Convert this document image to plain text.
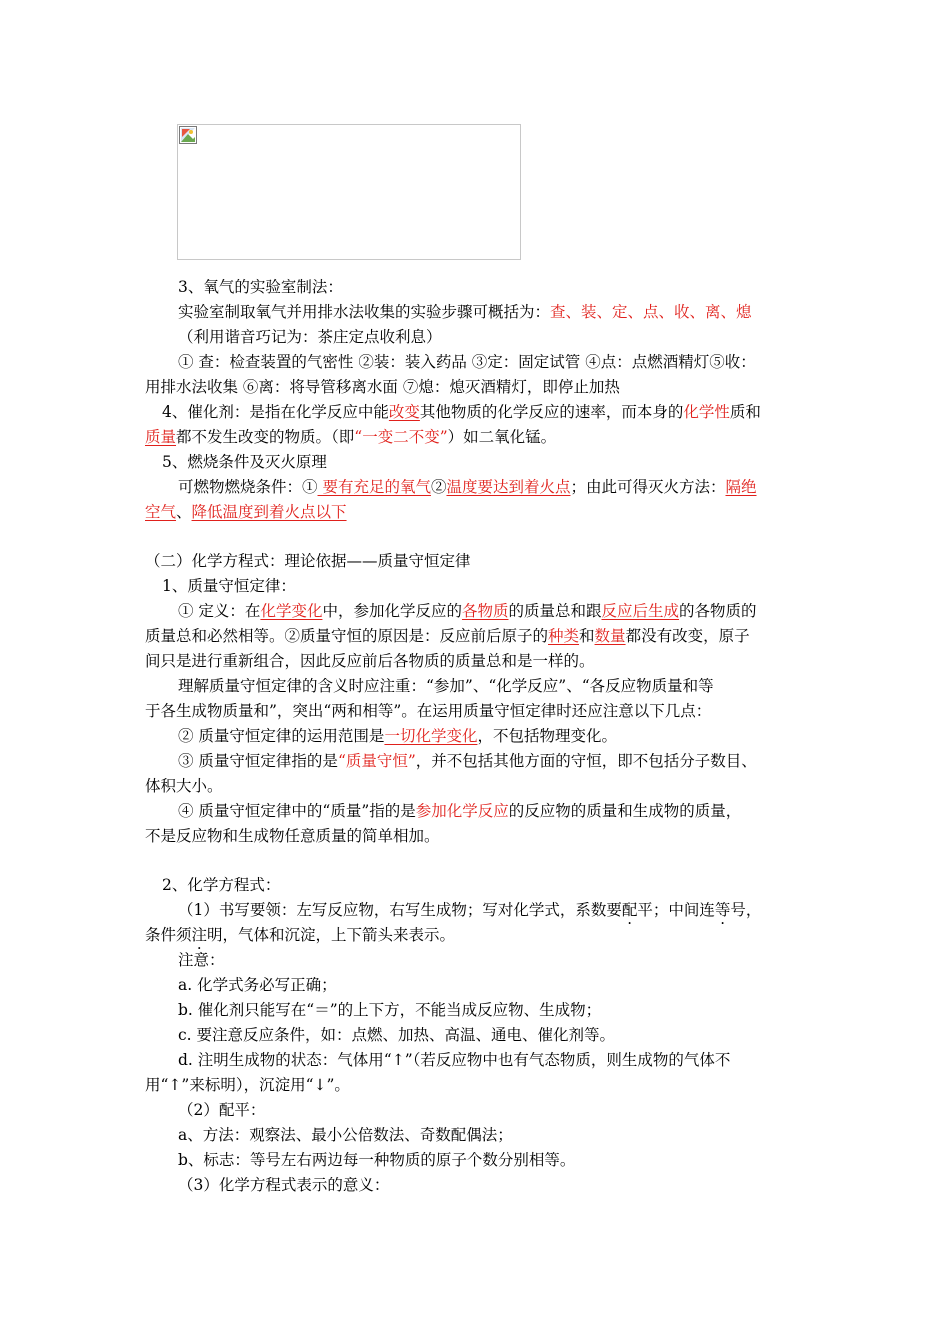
3、氧气的实验室制法：
实验室制取氧气并用排水法收集的实验步骤可概括为：查、装、定、点、收、离、熄
（利用谐音巧记为：茶庄定点收利息）
① 查：检查装置的气密性 ②装：装入药品 ③定：固定试管 ④点：点燃酒精灯⑤收：
用排水法收集 ⑥离：将导管移离水面 ⑦熄：熄灭酒精灯，即停止加热
4、催化剂：是指在化学反应中能改变其他物质的化学反应的速率，而本身的化学性质和
质量都不发生改变的物质。（即“一变二不变”）如二氧化锰。
5、燃烧条件及灭火原理
可燃物燃烧条件：① 要有充足的氧气②温度要达到着火点；由此可得灭火方法：隔绝
空气、降低温度到着火点以下
（二）化学方程式：理论依据——质量守恒定律
1、质量守恒定律：
① 定义：在化学变化中，参加化学反应的各物质的质量总和跟反应后生成的各物质的
质量总和必然相等。②质量守恒的原因是：反应前后原子的种类和数量都没有改变，原子
间只是进行重新组合，因此反应前后各物质的质量总和是一样的。
理解质量守恒定律的含义时应注重：“参加”、“化学反应”、“各反应物质量和等
于各生成物质量和”，突出“两和相等”。在运用质量守恒定律时还应注意以下几点：
② 质量守恒定律的运用范围是一切化学变化，不包括物理变化。
③ 质量守恒定律指的是“质量守恒”，并不包括其他方面的守恒，即不包括分子数目、
体积大小。
④ 质量守恒定律中的“质量”指的是参加化学反应的反应物的质量和生成物的质量，
不是反应物和生成物任意质量的简单相加。
2、化学方程式：
（1）书写要领：左写反应物，右写生成物；写对化学式，系数要配平；中间连等号，
条件须注明，气体和沉淀，上下箭头来表示。
注意：
a. 化学式务必写正确；
b. 催化剂只能写在“＝”的上下方，不能当成反应物、生成物；
c. 要注意反应条件，如：点燃、加热、高温、通电、催化剂等。
d. 注明生成物的状态：气体用“↑”（若反应物中也有气态物质，则生成物的气体不
用“↑”来标明），沉淀用“↓”。
（2）配平：
a、方法：观察法、最小公倍数法、奇数配偶法；
b、标志：等号左右两边每一种物质的原子个数分别相等。
（3）化学方程式表示的意义：
